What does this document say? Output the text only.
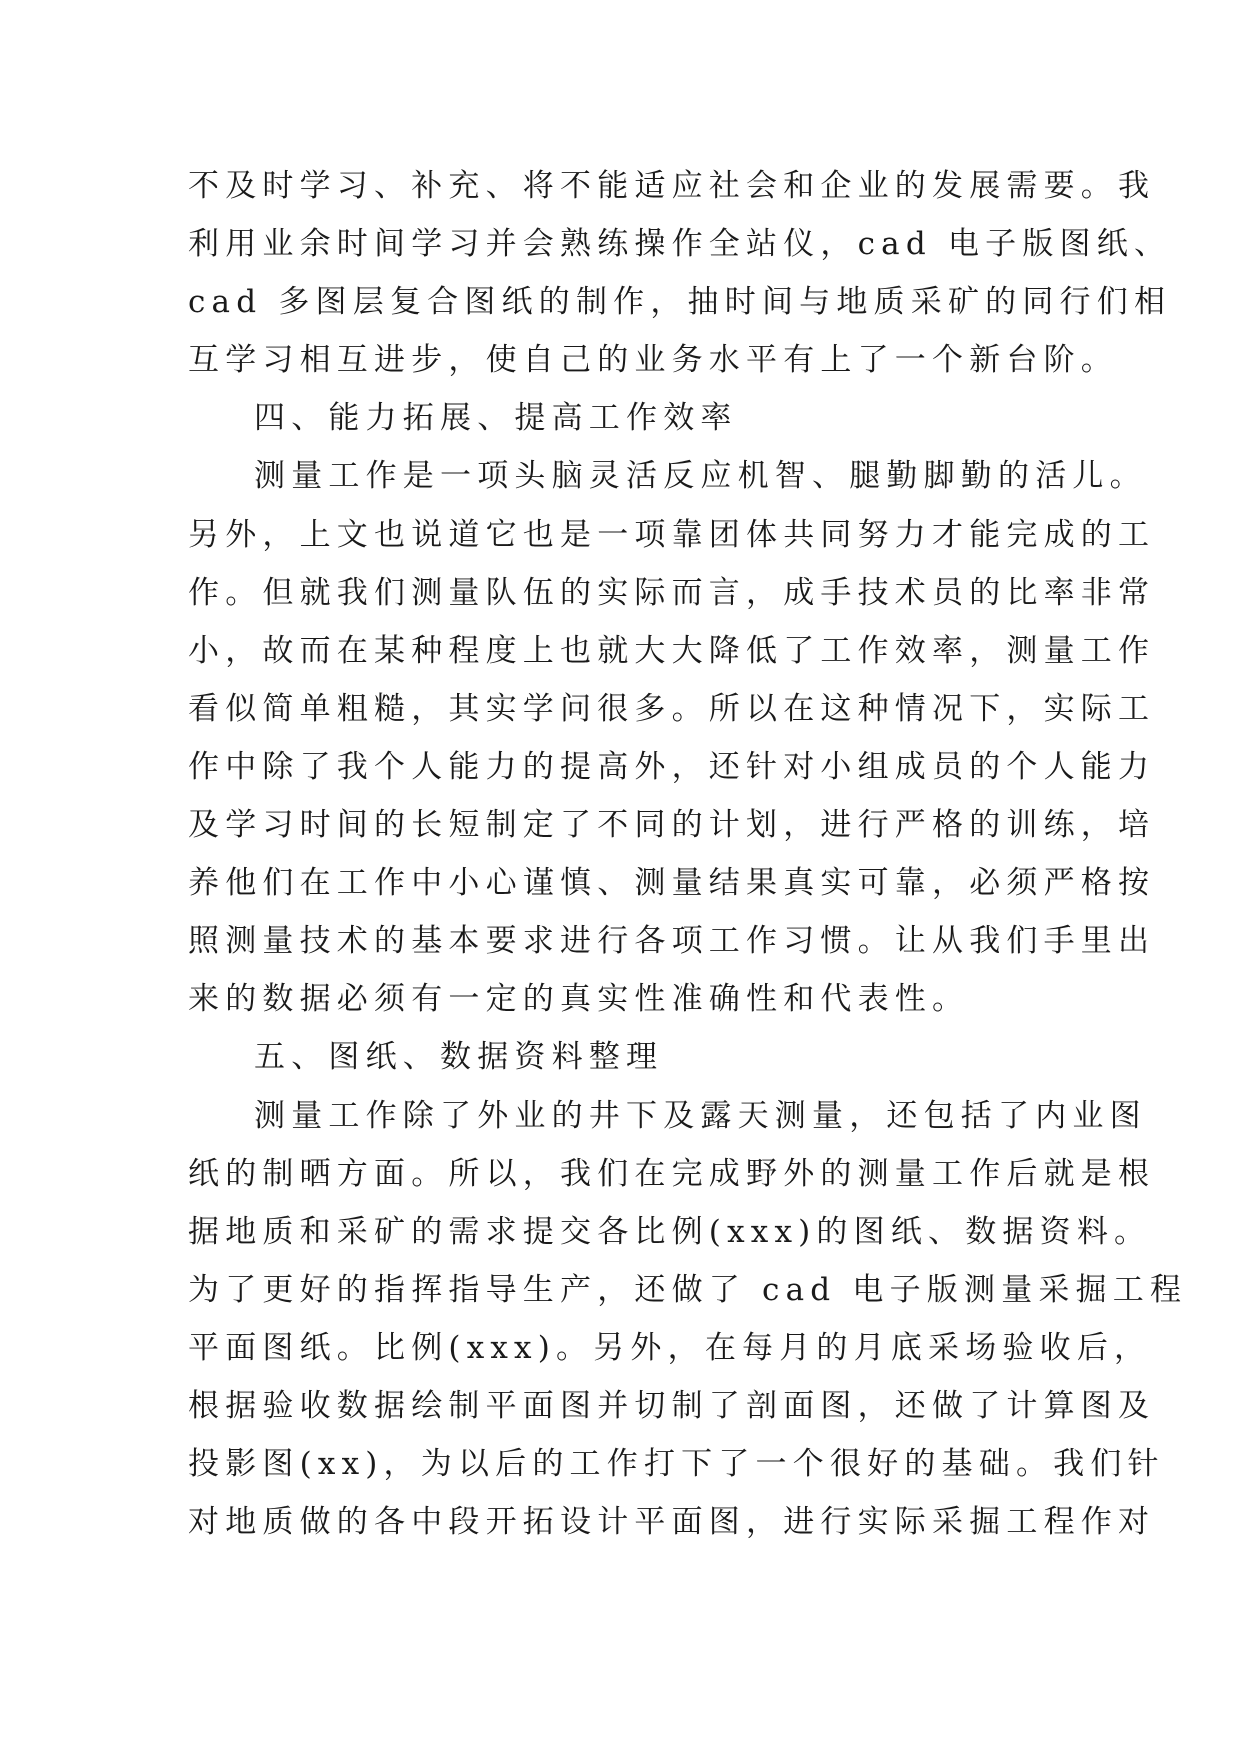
不及时学习、补充、将不能适应社会和企业的发展需要。我
利用业余时间学习并会熟练操作全站仪，cad 电子版图纸、
cad 多图层复合图纸的制作，抽时间与地质采矿的同行们相
互学习相互进步，使自己的业务水平有上了一个新台阶。
四、能力拓展、提高工作效率
测量工作是一项头脑灵活反应机智、腿勤脚勤的活儿。
另外，上文也说道它也是一项靠团体共同努力才能完成的工
作。但就我们测量队伍的实际而言，成手技术员的比率非常
小，故而在某种程度上也就大大降低了工作效率，测量工作
看似简单粗糙，其实学问很多。所以在这种情况下，实际工
作中除了我个人能力的提高外，还针对小组成员的个人能力
及学习时间的长短制定了不同的计划，进行严格的训练，培
养他们在工作中小心谨慎、测量结果真实可靠，必须严格按
照测量技术的基本要求进行各项工作习惯。让从我们手里出
来的数据必须有一定的真实性准确性和代表性。
五、图纸、数据资料整理
测量工作除了外业的井下及露天测量，还包括了内业图
纸的制晒方面。所以，我们在完成野外的测量工作后就是根
据地质和采矿的需求提交各比例(xxx)的图纸、数据资料。
为了更好的指挥指导生产，还做了 cad 电子版测量采掘工程
平面图纸。比例(xxx)。另外，在每月的月底采场验收后，
根据验收数据绘制平面图并切制了剖面图，还做了计算图及
投影图(xx)，为以后的工作打下了一个很好的基础。我们针
对地质做的各中段开拓设计平面图，进行实际采掘工程作对
